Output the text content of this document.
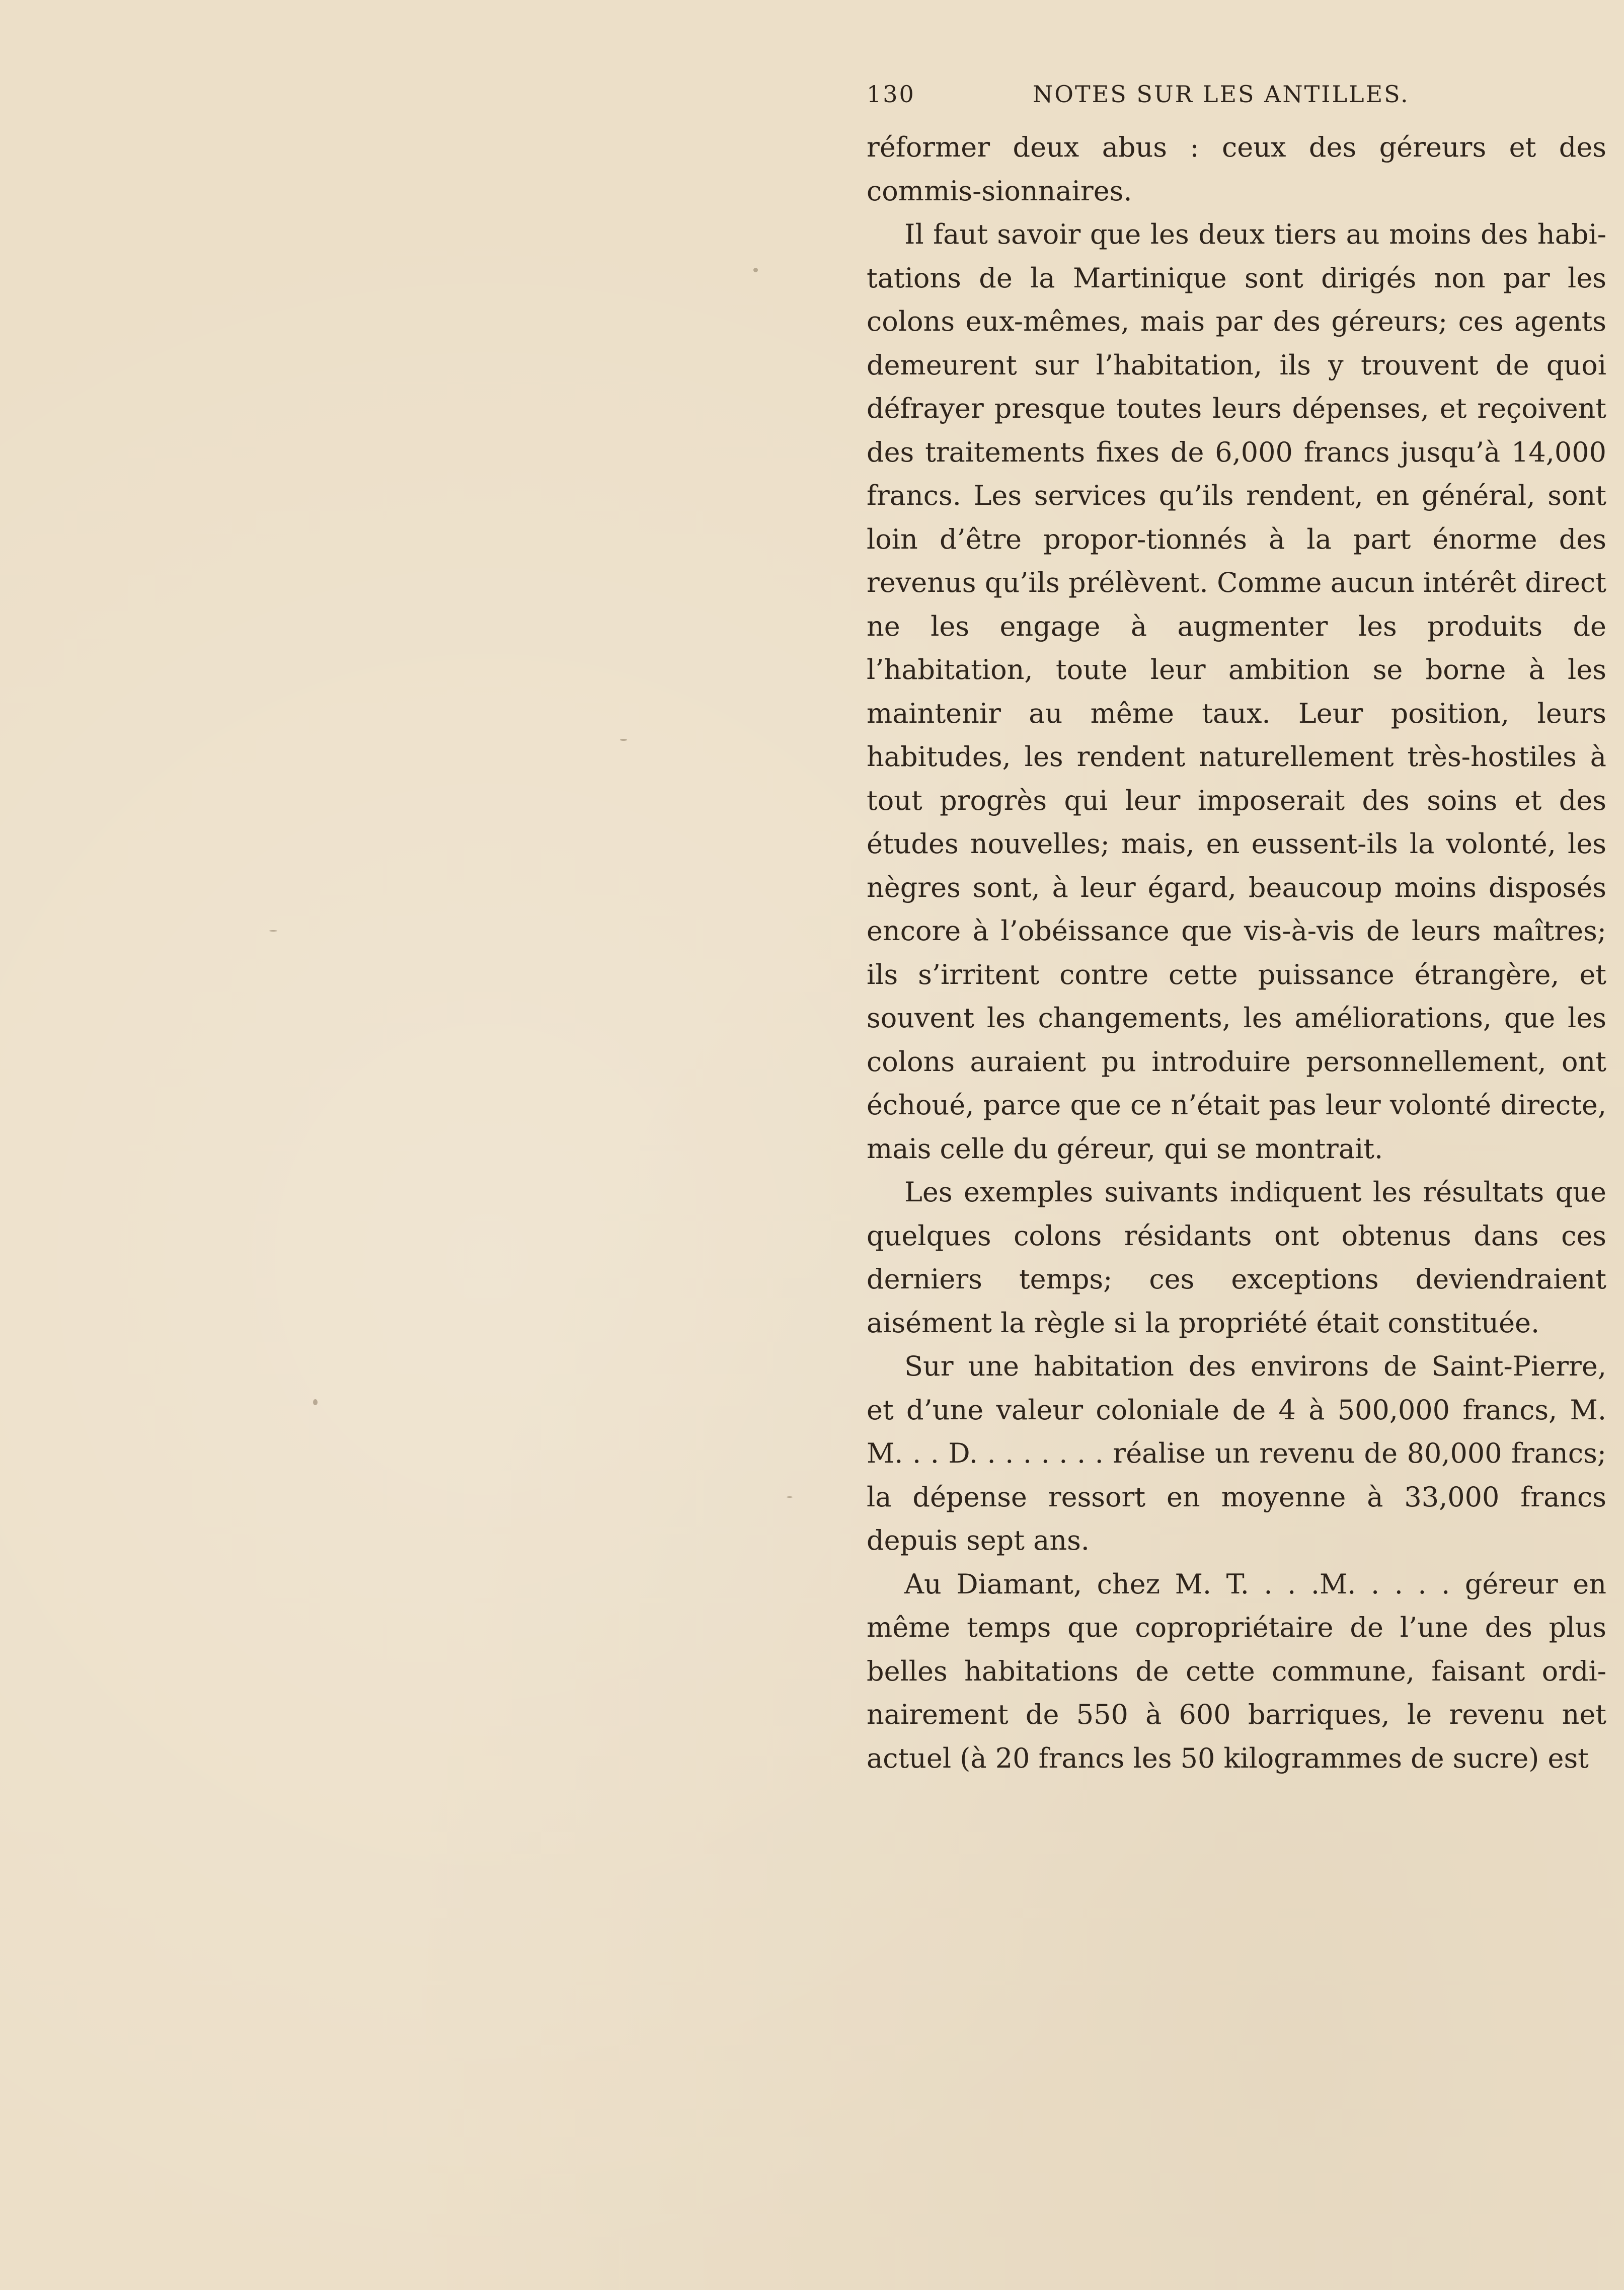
130	NOTES SUR LES ANTILLES.

réformer deux abus : ceux des géreurs et des commis-sionnaires.

Il faut savoir que les deux tiers au moins des habi-tations de la Martinique sont dirigés non par les colons eux-mêmes, mais par des géreurs; ces agents demeurent sur l’habitation, ils y trouvent de quoi défrayer presque toutes leurs dépenses, et reçoivent des traitements fixes de 6,000 francs jusqu’à 14,000 francs. Les services qu’ils rendent, en général, sont loin d’être propor-tionnés à la part énorme des revenus qu’ils prélèvent. Comme aucun intérêt direct ne les engage à augmenter les produits de l’habitation, toute leur ambition se borne à les maintenir au même taux. Leur position, leurs habitudes, les rendent naturellement très-hostiles à tout progrès qui leur imposerait des soins et des études nouvelles; mais, en eussent-ils la volonté, les nègres sont, à leur égard, beaucoup moins disposés encore à l’obéissance que vis-à-vis de leurs maîtres; ils s’irritent contre cette puissance étrangère, et souvent les changements, les améliorations, que les colons auraient pu introduire personnellement, ont échoué, parce que ce n’était pas leur volonté directe, mais celle du géreur, qui se montrait.

Les exemples suivants indiquent les résultats que quelques colons résidants ont obtenus dans ces derniers temps; ces exceptions deviendraient aisément la règle si la propriété était constituée.

Sur une habitation des environs de Saint-Pierre, et d’une valeur coloniale de 4 à 500,000 francs, M. M. . . D. . . . . . . . réalise un revenu de 80,000 francs; la dépense ressort en moyenne à 33,000 francs depuis sept ans.

Au Diamant, chez M. T. . . .M. . . . . géreur en même temps que copropriétaire de l’une des plus belles habitations de cette commune, faisant ordi-nairement de 550 à 600 barriques, le revenu net actuel (à 20 francs les 50 kilogrammes de sucre) est
